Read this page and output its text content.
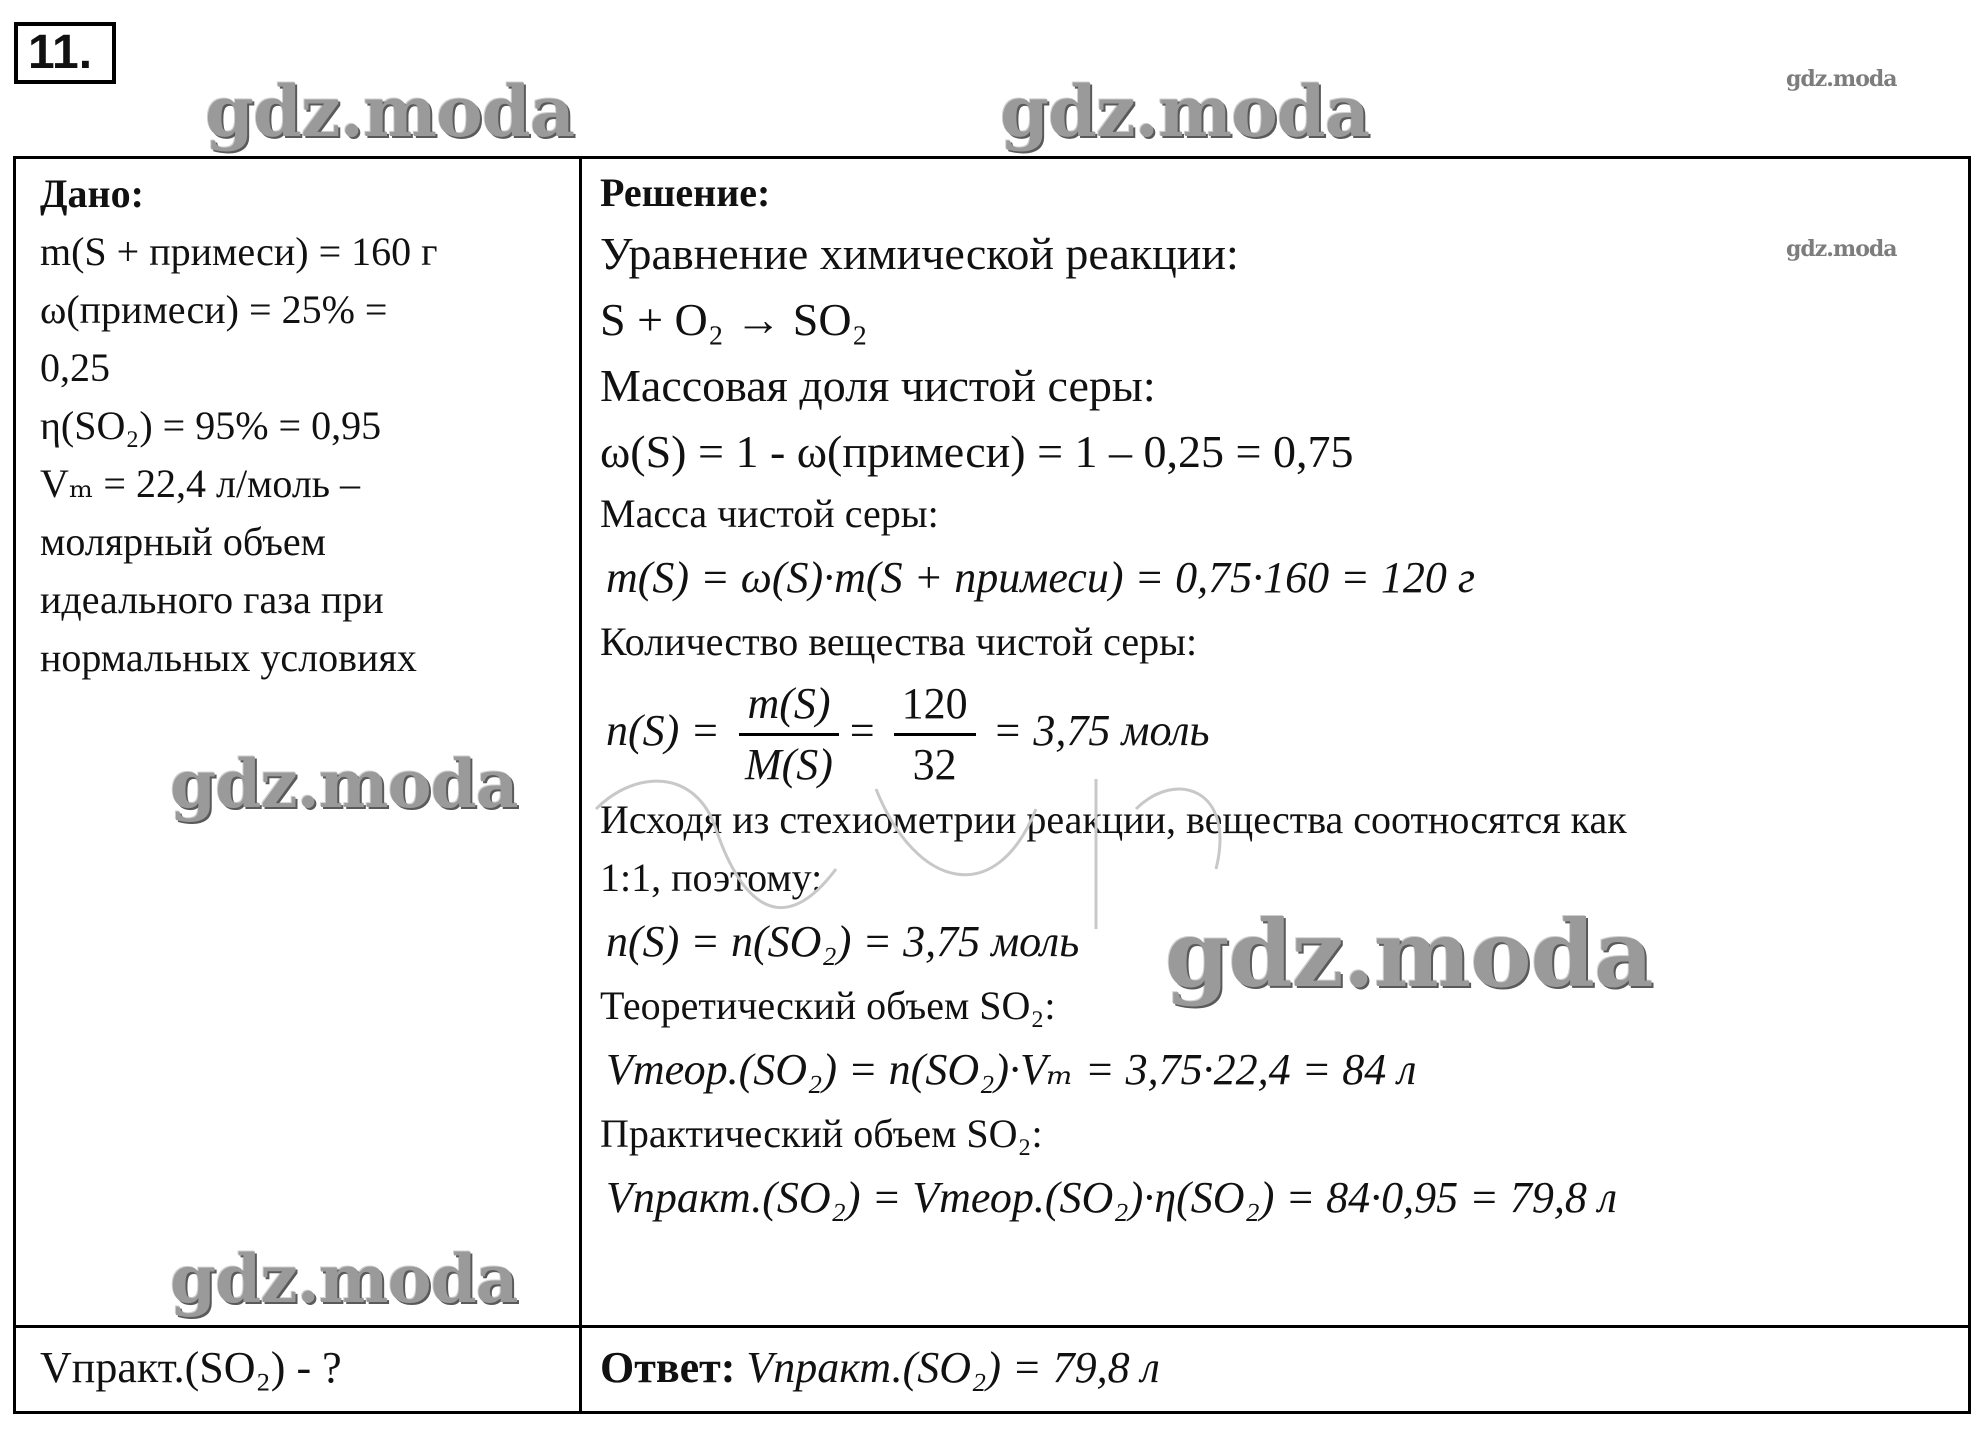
11.
gdz.moda	gdz.moda	gdz.moda
Дано:
m(S + примеси) = 160 г
ω(примеси) = 25% =
0,25
η(SO₂) = 95% = 0,95
Vₘ = 22,4 л/моль –
молярный объем
идеального газа при
нормальных условиях
Решение:
Уравнение химической реакции:
S + O₂ → SO₂
Массовая доля чистой серы:
ω(S) = 1 - ω(примеси) = 1 – 0,25 = 0,75
Масса чистой серы:
m(S) = ω(S)·m(S + примеси) = 0,75·160 = 120 г
Количество вещества чистой серы:
$n(S) = \frac{m(S)}{M(S)} = \frac{120}{32} = 3,75$ моль
Исходя из стехиометрии реакции, вещества соотносятся как
1:1, поэтому:
n(S) = n(SO₂) = 3,75 моль
Теоретический объем SO₂:
Vтеор.(SO₂) = n(SO₂)·Vₘ = 3,75·22,4 = 84 л
Практический объем SO₂:
Vпракт.(SO₂) = Vтеор.(SO₂)·η(SO₂) = 84·0,95 = 79,8 л
Vпракт.(SO₂) - ?	Ответ: Vпракт.(SO₂) = 79,8 л
gdz.moda
gdz.moda
gdz.moda
gdz.moda
